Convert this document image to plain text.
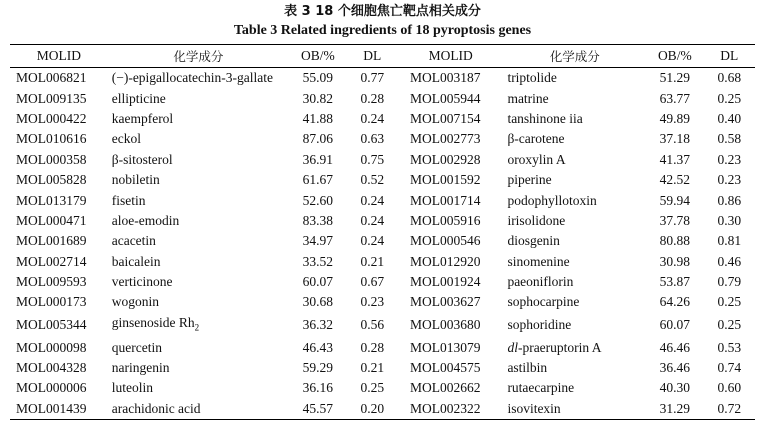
表 3 18 个细胞焦亡靶点相关成分
Table 3 Related ingredients of 18 pyroptosis genes
MOLID	化学成分	OB/%	DL	MOLID	化学成分	OB/%	DL
MOL006821	(−)-epigallocatechin-3-gallate	55.09	0.77	MOL003187	triptolide	51.29	0.68
MOL009135	ellipticine	30.82	0.28	MOL005944	matrine	63.77	0.25
MOL000422	kaempferol	41.88	0.24	MOL007154	tanshinone iia	49.89	0.40
MOL010616	eckol	87.06	0.63	MOL002773	β-carotene	37.18	0.58
MOL000358	β-sitosterol	36.91	0.75	MOL002928	oroxylin A	41.37	0.23
MOL005828	nobiletin	61.67	0.52	MOL001592	piperine	42.52	0.23
MOL013179	fisetin	52.60	0.24	MOL001714	podophyllotoxin	59.94	0.86
MOL000471	aloe-emodin	83.38	0.24	MOL005916	irisolidone	37.78	0.30
MOL001689	acacetin	34.97	0.24	MOL000546	diosgenin	80.88	0.81
MOL002714	baicalein	33.52	0.21	MOL012920	sinomenine	30.98	0.46
MOL009593	verticinone	60.07	0.67	MOL001924	paeoniflorin	53.87	0.79
MOL000173	wogonin	30.68	0.23	MOL003627	sophocarpine	64.26	0.25
MOL005344	ginsenoside $Rh_2$	36.32	0.56	MOL003680	sophoridine	60.07	0.25
MOL000098	quercetin	46.43	0.28	MOL013079	dl-praeruptorin A	46.46	0.53
MOL004328	naringenin	59.29	0.21	MOL004575	astilbin	36.46	0.74
MOL000006	luteolin	36.16	0.25	MOL002662	rutaecarpine	40.30	0.60
MOL001439	arachidonic acid	45.57	0.20	MOL002322	isovitexin	31.29	0.72
